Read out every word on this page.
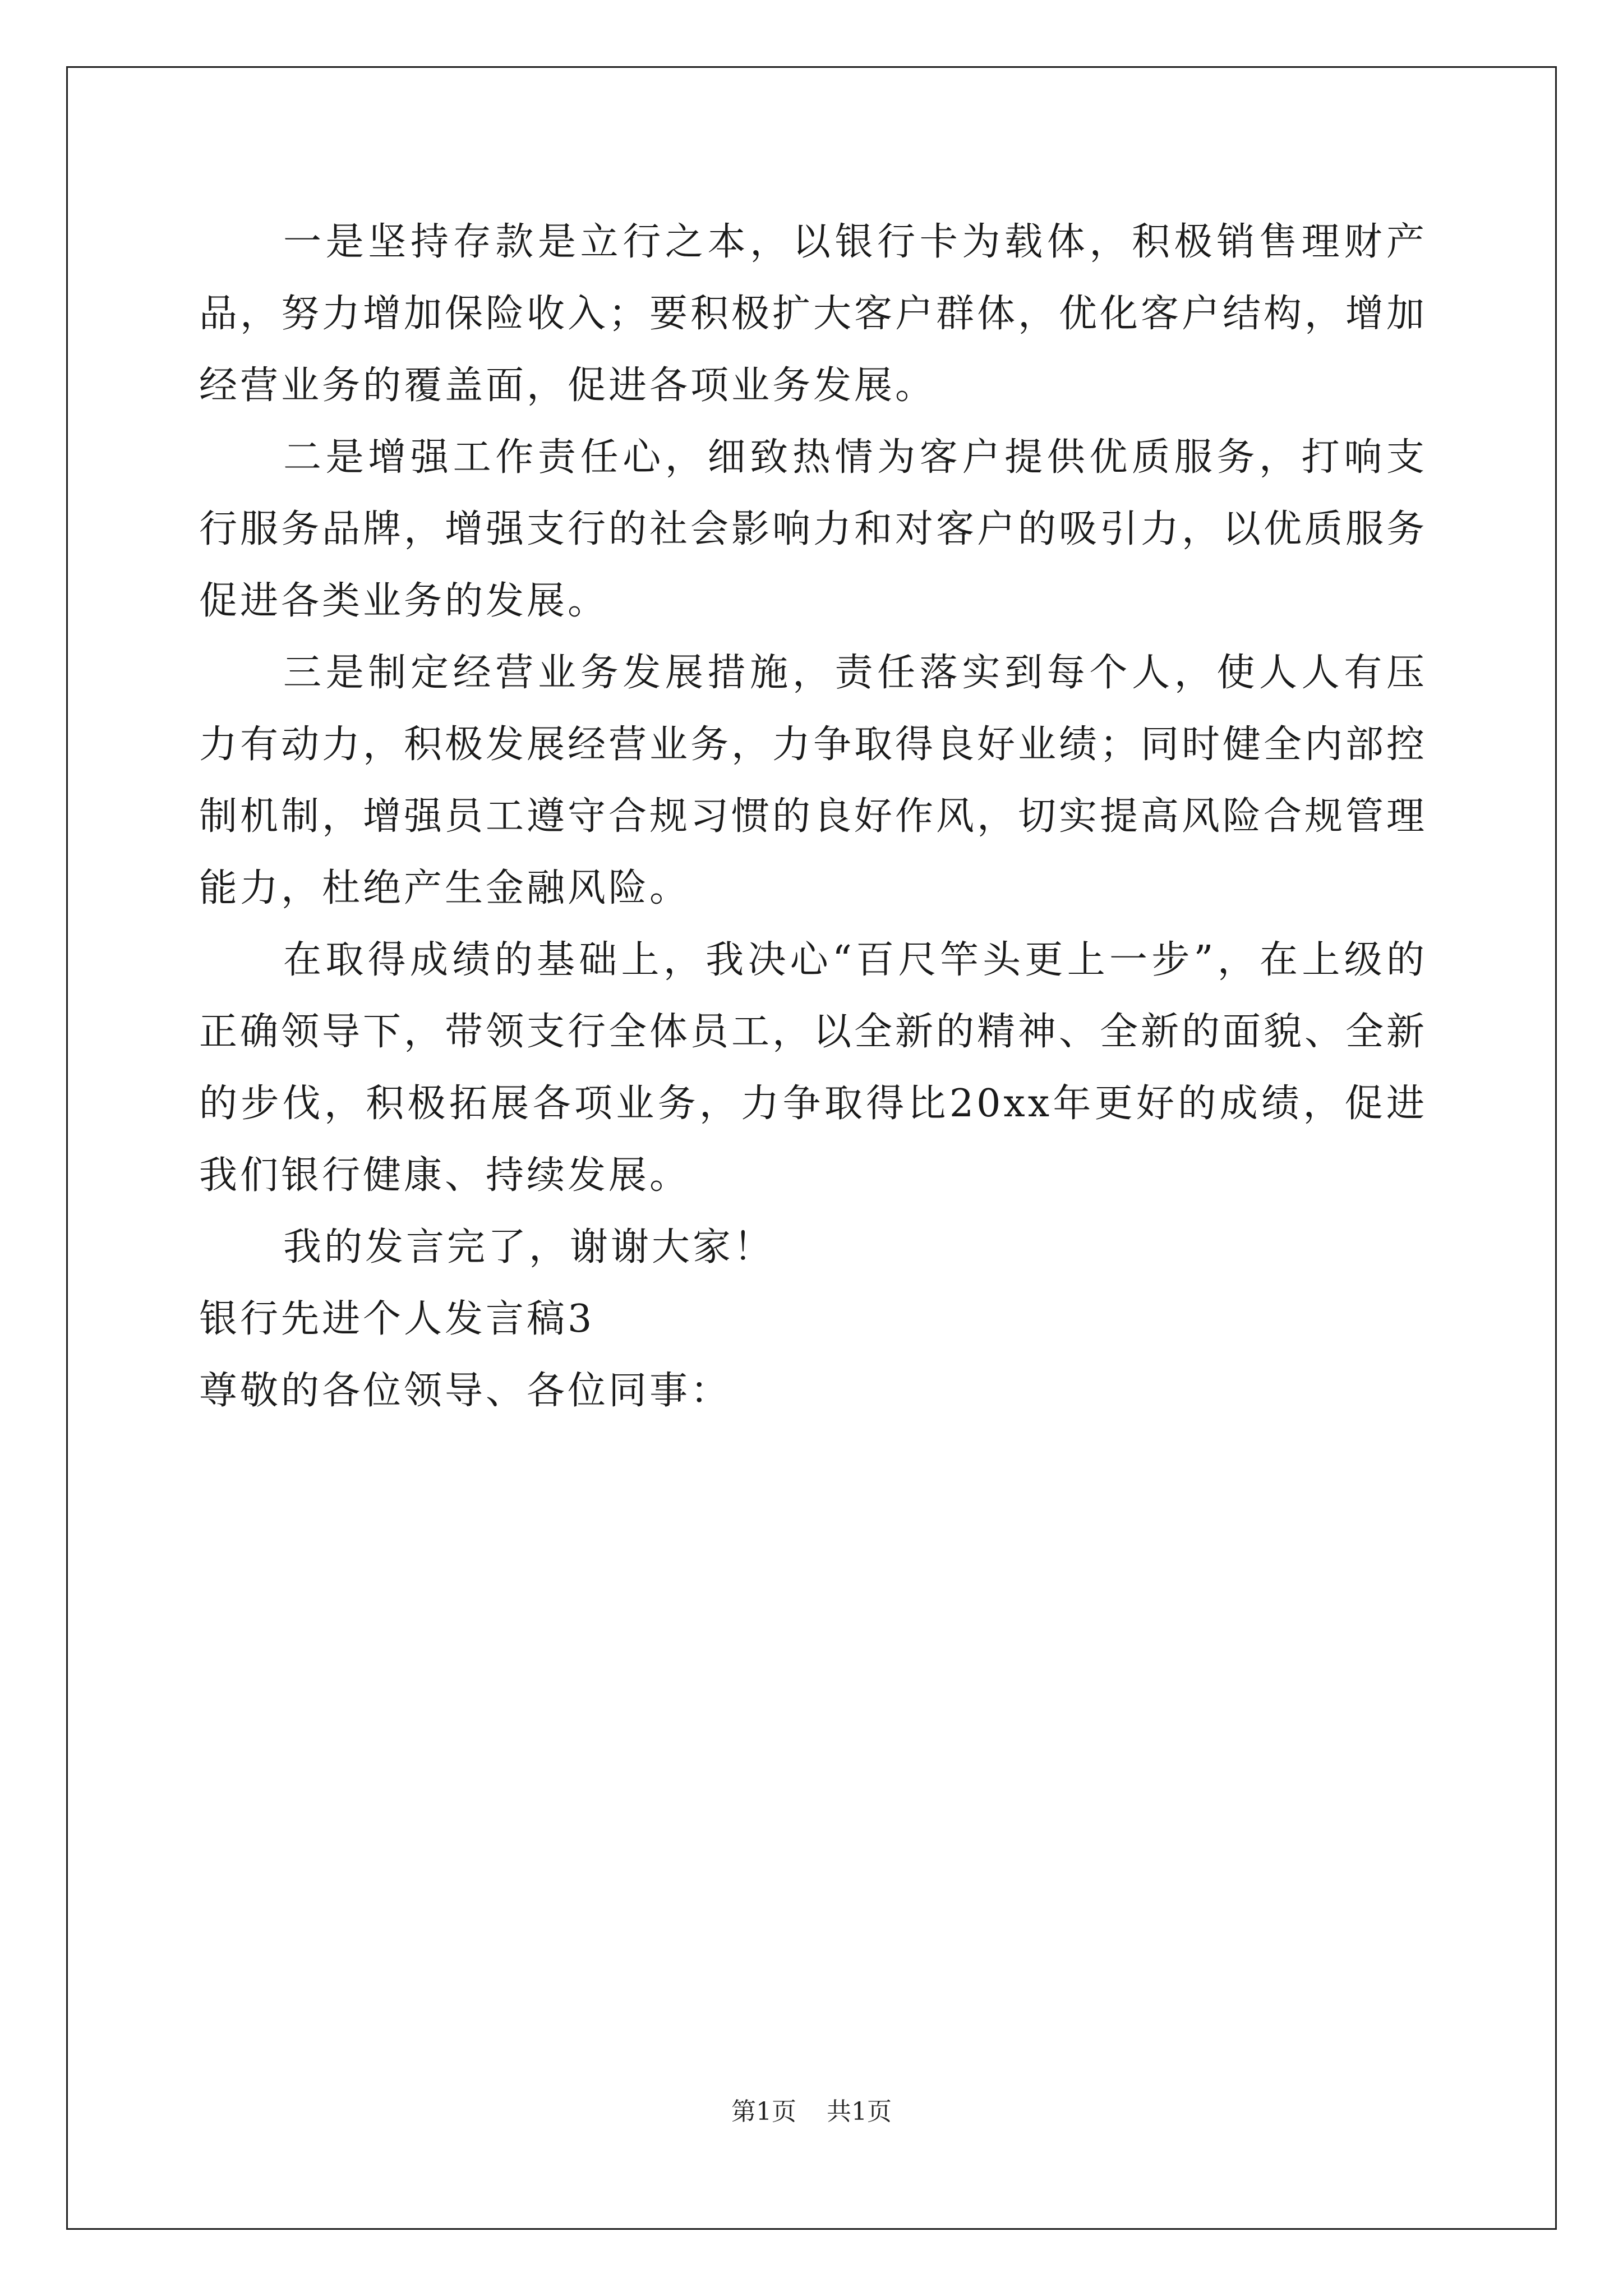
一是坚持存款是立行之本，以银行卡为载体，积极销售理财产品，努力增加保险收入；要积极扩大客户群体，优化客户结构，增加经营业务的覆盖面，促进各项业务发展。

二是增强工作责任心，细致热情为客户提供优质服务，打响支行服务品牌，增强支行的社会影响力和对客户的吸引力，以优质服务促进各类业务的发展。

三是制定经营业务发展措施，责任落实到每个人，使人人有压力有动力，积极发展经营业务，力争取得良好业绩；同时健全内部控制机制，增强员工遵守合规习惯的良好作风，切实提高风险合规管理能力，杜绝产生金融风险。

在取得成绩的基础上，我决心“百尺竿头更上一步”，在上级的正确领导下，带领支行全体员工，以全新的精神、全新的面貌、全新的步伐，积极拓展各项业务，力争取得比20xx年更好的成绩，促进我们银行健康、持续发展。

我的发言完了，谢谢大家！

银行先进个人发言稿3

尊敬的各位领导、各位同事：

第1页 共1页
